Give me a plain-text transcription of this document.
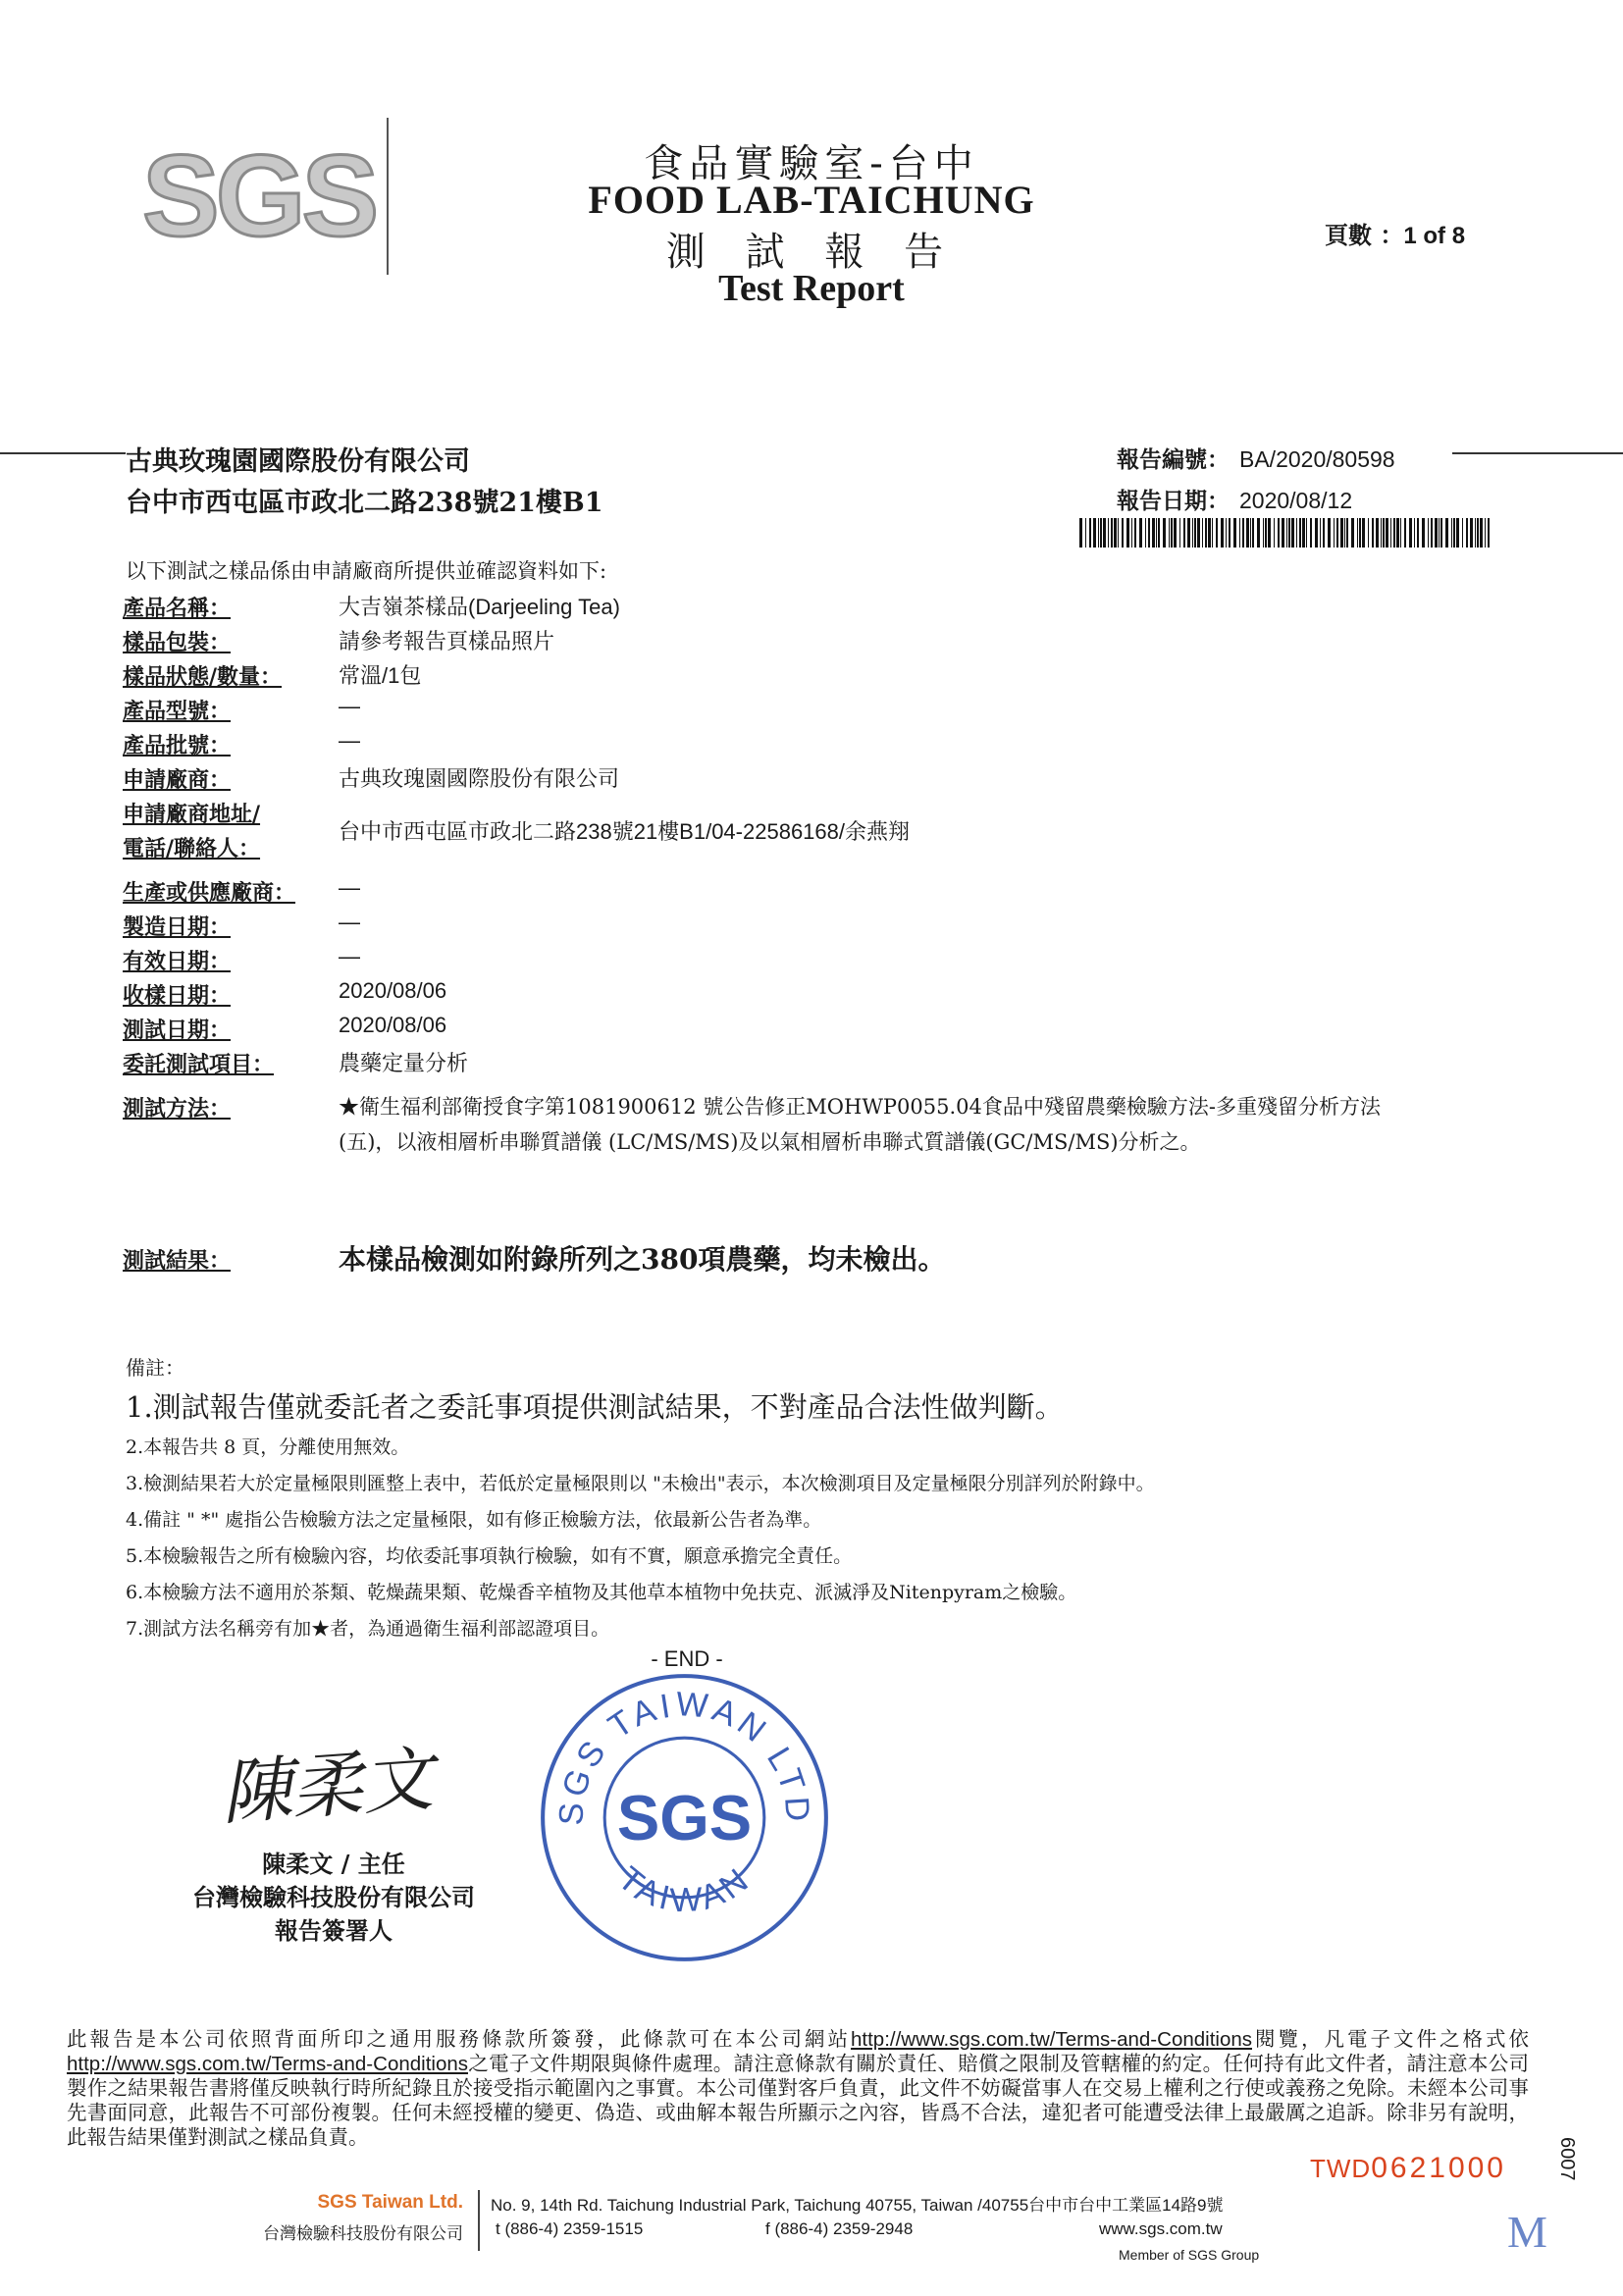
SGS	食品實驗室-台中
FOOD LAB-TAICHUNG
測 試 報 告
Test Report
頁數 ：1 of 8
古典玫瑰園國際股份有限公司
台中市西屯區市政北二路238號21樓B1
報告編號： BA/2020/80598
報告日期： 2020/08/12
以下測試之樣品係由申請廠商所提供並確認資料如下:
產品名稱：	大吉嶺茶樣品(Darjeeling Tea)
樣品包裝：	請參考報告頁樣品照片
樣品狀態/數量：	常溫/1包
產品型號：	—
產品批號：	—
申請廠商：	古典玫瑰園國際股份有限公司
申請廠商地址/
電話/聯絡人：
台中市西屯區市政北二路238號21樓B1/04-22586168/余燕翔
生產或供應廠商： —
製造日期：	—
有效日期：	—
收樣日期：	2020/08/06
測試日期：	2020/08/06
委託測試項目：	農藥定量分析
測試方法：	★衛生福利部衛授食字第1081900612 號公告修正MOHWP0055.04食品中殘留農藥檢驗方法-多重殘留分析方法
(五)，以液相層析串聯質譜儀 (LC/MS/MS)及以氣相層析串聯式質譜儀(GC/MS/MS)分析之。
測試結果：	本樣品檢測如附錄所列之380項農藥，均未檢出。
備註：
1.測試報告僅就委託者之委託事項提供測試結果，不對產品合法性做判斷。
2.本報告共 8 頁，分離使用無效。
3.檢測結果若大於定量極限則匯整上表中，若低於定量極限則以 "未檢出"表示，本次檢測項目及定量極限分別詳列於附錄中。
4.備註 " *" 處指公告檢驗方法之定量極限，如有修正檢驗方法，依最新公告者為準。
5.本檢驗報告之所有檢驗內容，均依委託事項執行檢驗，如有不實，願意承擔完全責任。
6.本檢驗方法不適用於茶類、乾燥蔬果類、乾燥香辛植物及其他草本植物中免扶克、派滅淨及Nitenpyram之檢驗。
7.測試方法名稱旁有加★者，為通過衛生福利部認證項目。
- END -
陳柔文
陳柔文 / 主任
台灣檢驗科技股份有限公司
報告簽署人
SGS TAIWAN LTD
SGS
TAIWAN
此報告是本公司依照背面所印之通用服務條款所簽發，此條款可在本公司網站http://www.sgs.com.tw/Terms-and-Conditions閱覽，凡電子文件之格式依http://www.sgs.com.tw/Terms-and-Conditions之電子文件期限與條件處理。請注意條款有關於責任、賠償之限制及管轄權的約定。任何持有此文件者，請注意本公司製作之結果報告書將僅反映執行時所紀錄且於接受指示範圍內之事實。本公司僅對客戶負責，此文件不妨礙當事人在交易上權利之行使或義務之免除。未經本公司事先書面同意，此報告不可部份複製。任何未經授權的變更、偽造、或曲解本報告所顯示之內容，皆爲不合法，違犯者可能遭受法律上最嚴厲之追訴。除非另有說明，此報告結果僅對測試之樣品負責。
TWD0621000	6007
SGS Taiwan Ltd.
台灣檢驗科技股份有限公司
No. 9, 14th Rd. Taichung Industrial Park, Taichung 40755, Taiwan /40755台中市台中工業區14路9號
t (886-4) 2359-1515	f (886-4) 2359-2948	www.sgs.com.tw
Member of SGS Group	M
